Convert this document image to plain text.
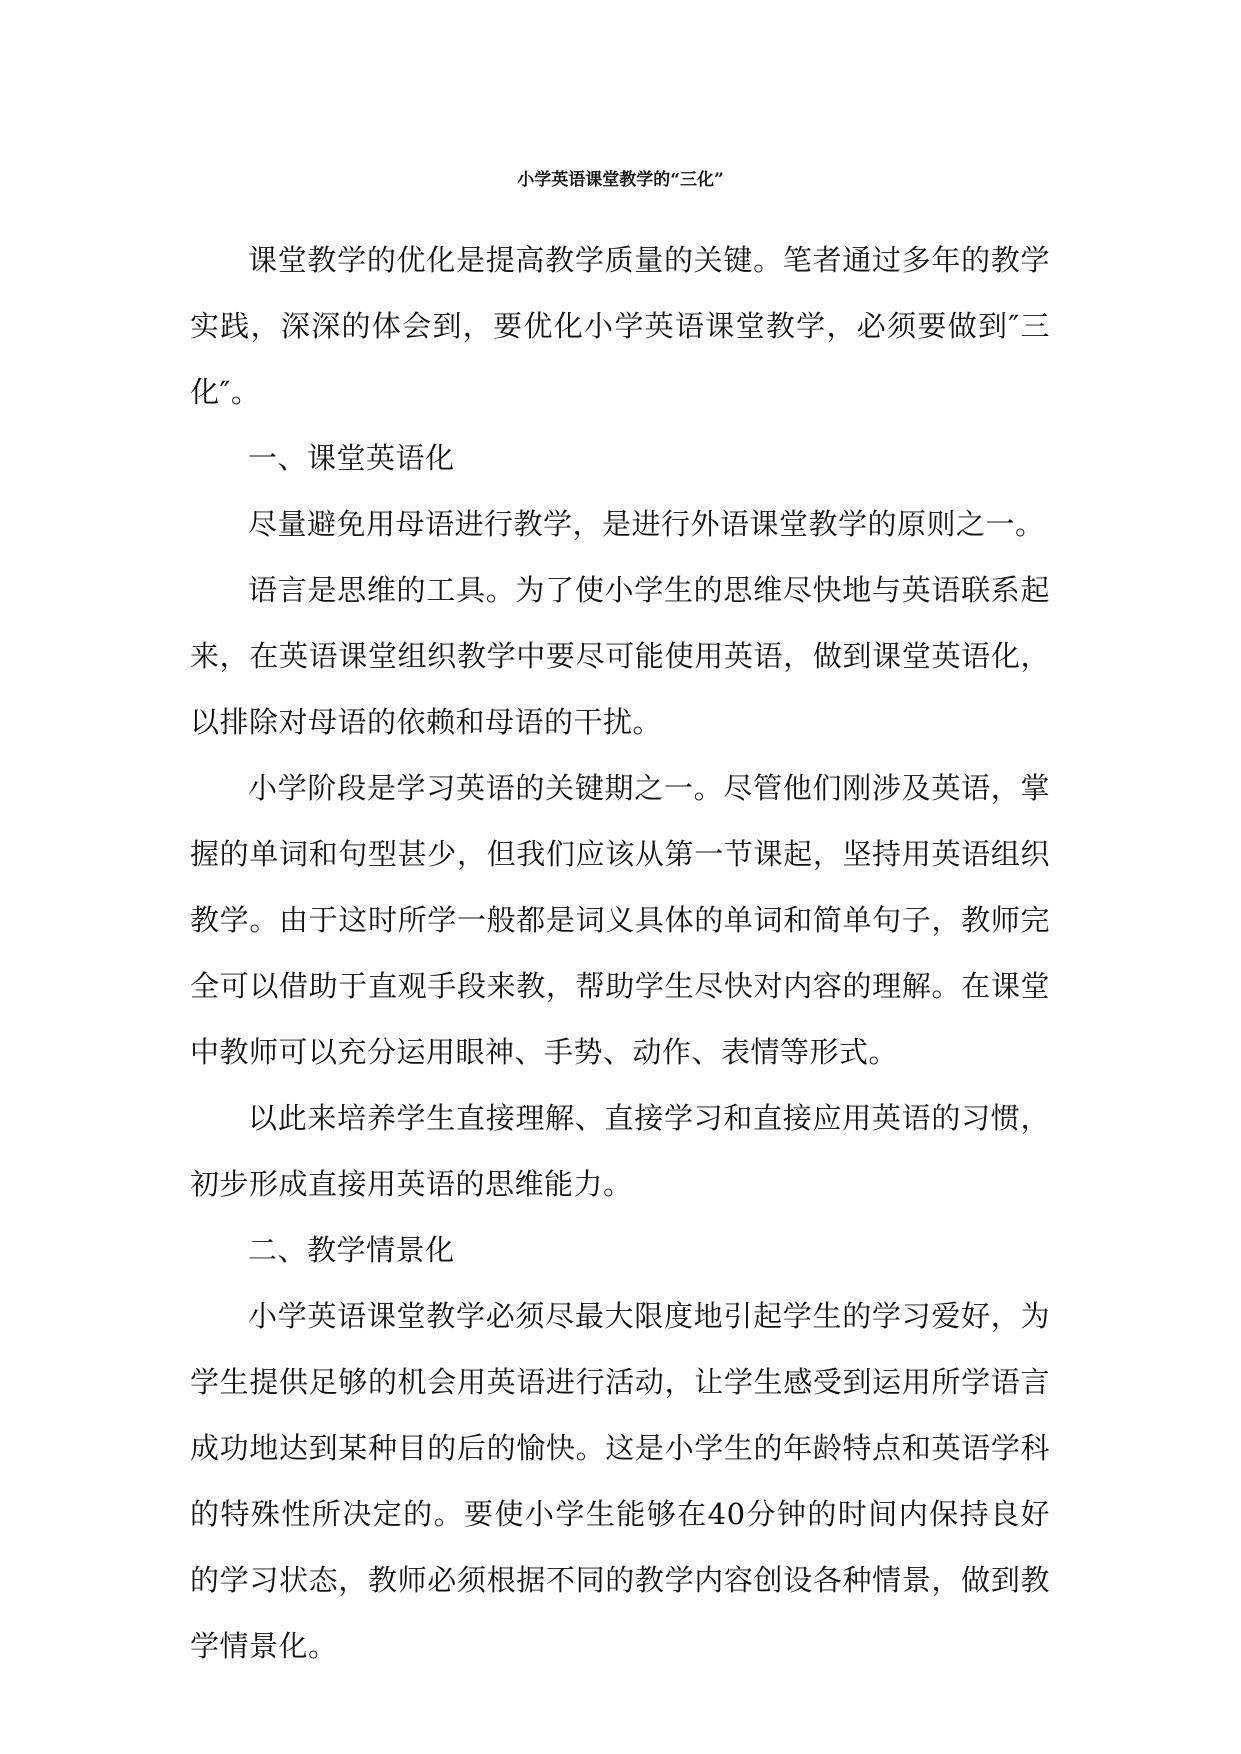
小学英语课堂教学的“三化”

课堂教学的优化是提高教学质量的关键。笔者通过多年的教学实践，深深的体会到，要优化小学英语课堂教学，必须要做到″三化″。

一、课堂英语化

尽量避免用母语进行教学，是进行外语课堂教学的原则之一。

语言是思维的工具。为了使小学生的思维尽快地与英语联系起来，在英语课堂组织教学中要尽可能使用英语，做到课堂英语化，以排除对母语的依赖和母语的干扰。

小学阶段是学习英语的关键期之一。尽管他们刚涉及英语，掌握的单词和句型甚少，但我们应该从第一节课起，坚持用英语组织教学。由于这时所学一般都是词义具体的单词和简单句子，教师完全可以借助于直观手段来教，帮助学生尽快对内容的理解。在课堂中教师可以充分运用眼神、手势、动作、表情等形式。

以此来培养学生直接理解、直接学习和直接应用英语的习惯，初步形成直接用英语的思维能力。

二、教学情景化

小学英语课堂教学必须尽最大限度地引起学生的学习爱好，为学生提供足够的机会用英语进行活动，让学生感受到运用所学语言成功地达到某种目的后的愉快。这是小学生的年龄特点和英语学科的特殊性所决定的。要使小学生能够在40分钟的时间内保持良好的学习状态，教师必须根据不同的教学内容创设各种情景，做到教学情景化。
